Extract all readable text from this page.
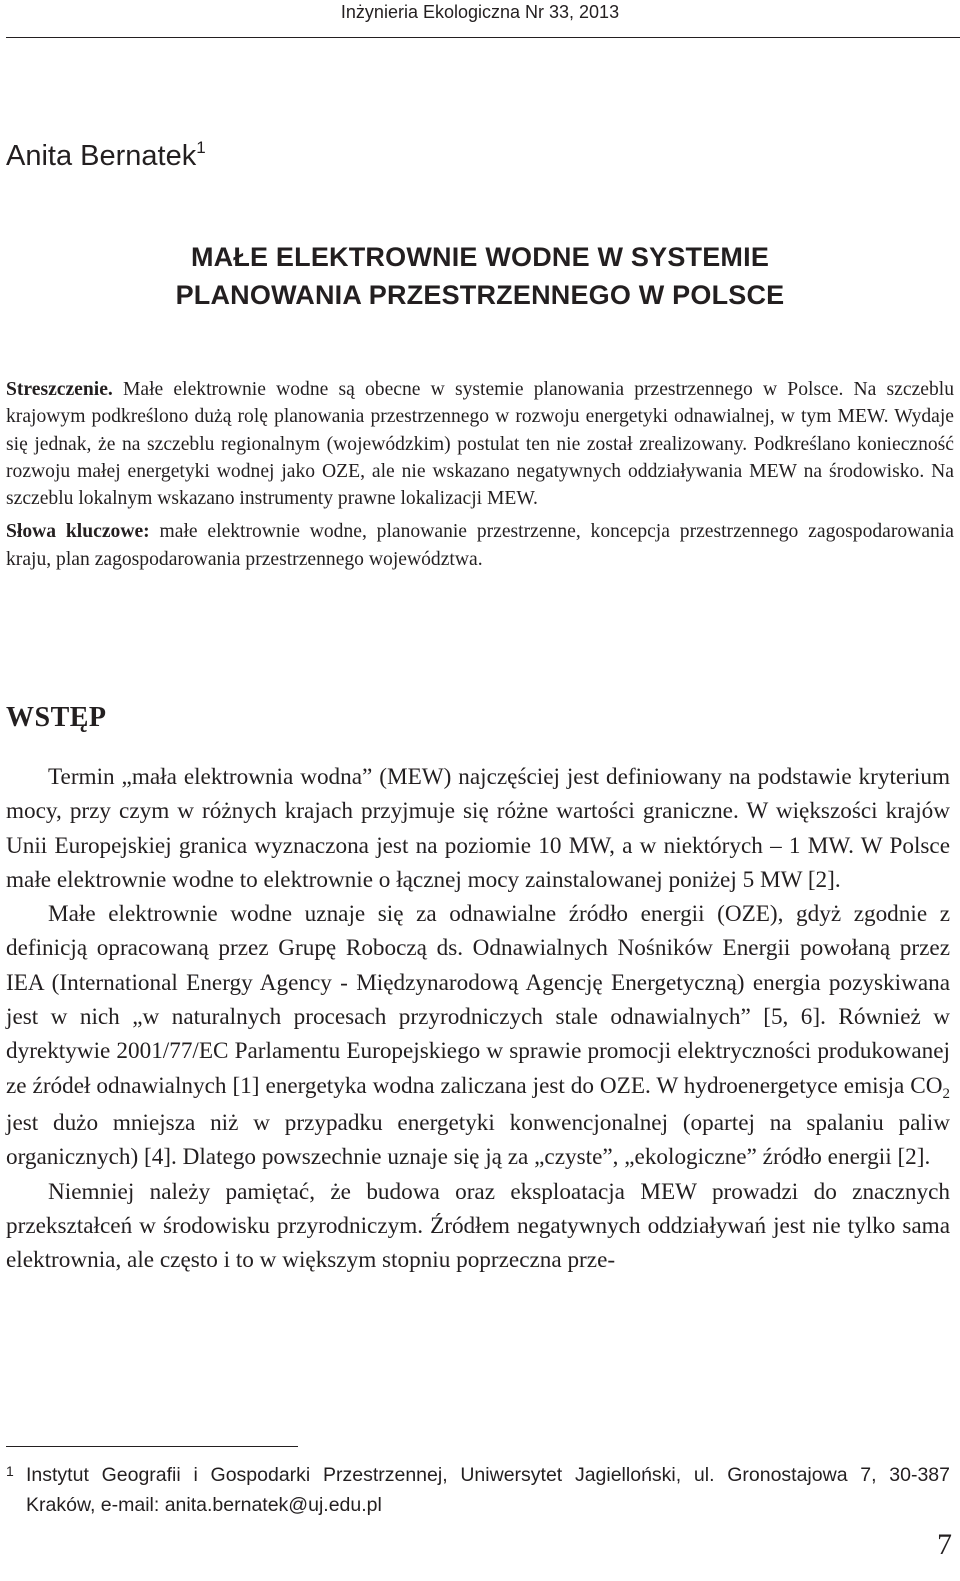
Inżynieria Ekologiczna Nr 33, 2013
Anita Bernatek$^1$
MAŁE ELEKTROWNIE WODNE W SYSTEMIE
PLANOWANIA PRZESTRZENNEGO W POLSCE

Streszczenie. Małe elektrownie wodne są obecne w systemie planowania przestrzennego w Polsce. Na szczeblu krajowym podkreślono dużą rolę planowania przestrzennego w rozwoju energetyki odnawialnej, w tym MEW. Wydaje się jednak, że na szczeblu regionalnym (wojewódzkim) postulat ten nie został zrealizowany. Podkreślano konieczność rozwoju małej energetyki wodnej jako OZE, ale nie wskazano negatywnych oddziaływania MEW na środowisko. Na szczeblu lokalnym wskazano instrumenty prawne lokalizacji MEW.

Słowa kluczowe: małe elektrownie wodne, planowanie przestrzenne, koncepcja przestrzennego zagospodarowania kraju, plan zagospodarowania przestrzennego województwa.

WSTĘP

Termin „mała elektrownia wodna” (MEW) najczęściej jest definiowany na podstawie kryterium mocy, przy czym w różnych krajach przyjmuje się różne wartości graniczne. W większości krajów Unii Europejskiej granica wyznaczona jest na poziomie 10 MW, a w niektórych – 1 MW. W Polsce małe elektrownie wodne to elektrownie o łącznej mocy zainstalowanej poniżej 5 MW [2].

Małe elektrownie wodne uznaje się za odnawialne źródło energii (OZE), gdyż zgodnie z definicją opracowaną przez Grupę Roboczą ds. Odnawialnych Nośników Energii powołaną przez IEA (International Energy Agency - Międzynarodową Agencję Energetyczną) energia pozyskiwana jest w nich „w naturalnych procesach przyrodniczych stale odnawialnych” [5, 6]. Również w dyrektywie 2001/77/EC Parlamentu Europejskiego w sprawie promocji elektryczności produkowanej ze źródeł odnawialnych [1] energetyka wodna zaliczana jest do OZE. W hydroenergetyce emisja $CO_2$ jest dużo mniejsza niż w przypadku energetyki konwencjonalnej (opartej na spalaniu paliw organicznych) [4]. Dlatego powszechnie uznaje się ją za „czyste”, „ekologiczne” źródło energii [2].

Niemniej należy pamiętać, że budowa oraz eksploatacja MEW prowadzi do znacznych przekształceń w środowisku przyrodniczym. Źródłem negatywnych oddziaływań jest nie tylko sama elektrownia, ale często i to w większym stopniu poprzeczna prze-

1 Instytut Geografii i Gospodarki Przestrzennej, Uniwersytet Jagielloński, ul. Gronostajowa 7, 30-387 Kraków, e-mail: anita.bernatek@uj.edu.pl
7
